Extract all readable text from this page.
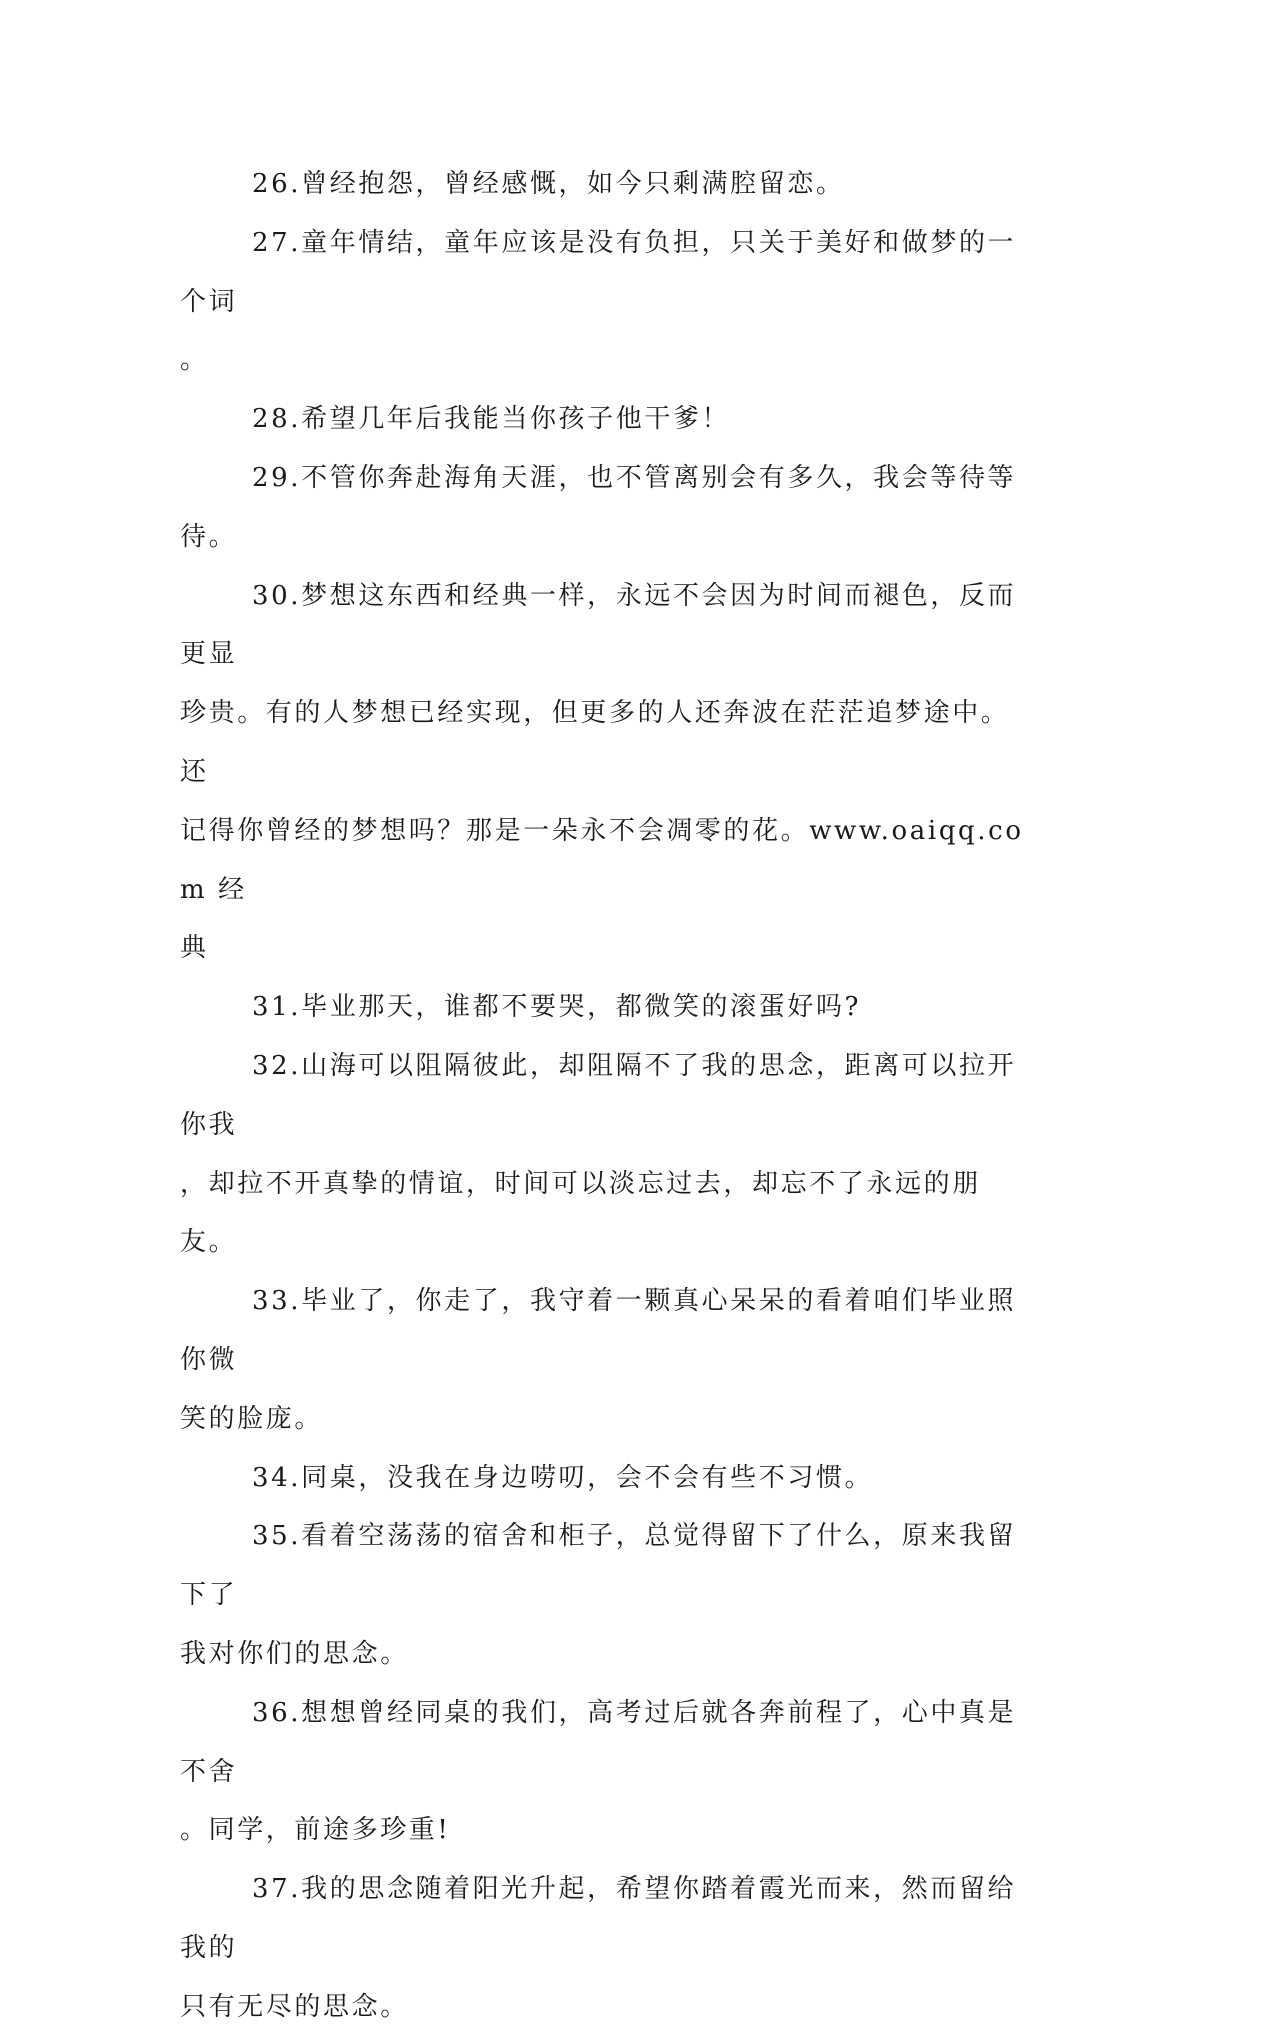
26.曾经抱怨，曾经感慨，如今只剩满腔留恋。

27.童年情结，童年应该是没有负担，只关于美好和做梦的一个词
。

28.希望几年后我能当你孩子他干爹！

29.不管你奔赴海角天涯，也不管离别会有多久，我会等待等待。

30.梦想这东西和经典一样，永远不会因为时间而褪色，反而更显
珍贵。有的人梦想已经实现，但更多的人还奔波在茫茫追梦途中。还
记得你曾经的梦想吗？那是一朵永不会凋零的花。www.oaiqq.com 经
典

31.毕业那天，谁都不要哭，都微笑的滚蛋好吗?

32.山海可以阻隔彼此，却阻隔不了我的思念，距离可以拉开你我
，却拉不开真挚的情谊，时间可以淡忘过去，却忘不了永远的朋友。

33.毕业了，你走了，我守着一颗真心呆呆的看着咱们毕业照你微
笑的脸庞。

34.同桌，没我在身边唠叨，会不会有些不习惯。

35.看着空荡荡的宿舍和柜子，总觉得留下了什么，原来我留下了
我对你们的思念。

36.想想曾经同桌的我们，高考过后就各奔前程了，心中真是不舍
。同学，前途多珍重!

37.我的思念随着阳光升起，希望你踏着霞光而来，然而留给我的
只有无尽的思念。
